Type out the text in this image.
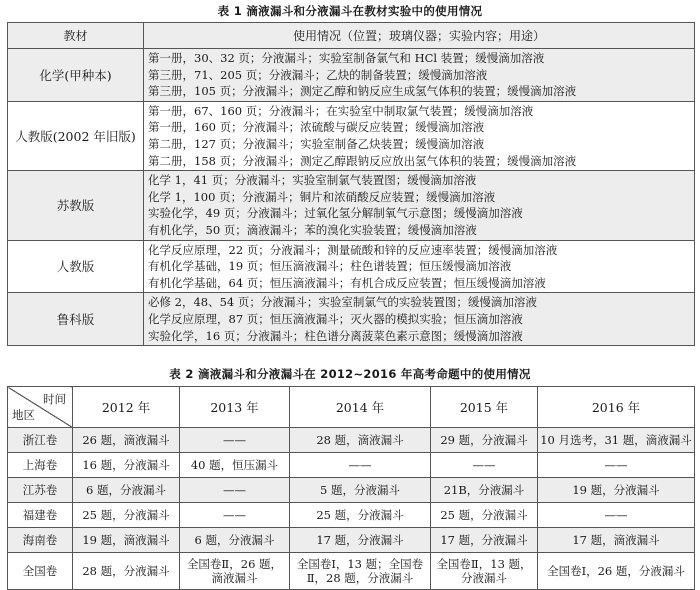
表 1 滴液漏斗和分液漏斗在教材实验中的使用情况
教材	使用情况（位置；玻璃仪器；实验内容；用途）
化学(甲种本)	第一册，30、32 页；分液漏斗；实验室制备氯气和 HCl 装置；缓慢滴加溶液
第三册，71、205 页；分液漏斗；乙炔的制备装置；缓慢滴加溶液
第三册，105 页；分液漏斗；测定乙醇和钠反应生成氢气体积的装置；缓慢滴加溶液

人教版(2002 年旧版)	第一册，67、160 页；分液漏斗；在实验室中制取氯气装置；缓慢滴加溶液
第一册，160 页；分液漏斗；浓硫酸与碳反应装置；缓慢滴加溶液
第二册，127 页；分液漏斗；实验室制备乙炔装置；缓慢滴加溶液
第二册，158 页；分液漏斗；测定乙醇跟钠反应放出氢气体积的装置；缓慢滴加溶液

苏教版	化学 1，41 页；分液漏斗；实验室制氯气装置图；缓慢滴加溶液
化学 1，100 页；分液漏斗；铜片和浓硝酸反应装置；缓慢滴加溶液
实验化学，49 页；分液漏斗；过氧化氢分解制氧气示意图；缓慢滴加溶液
有机化学，50 页；滴液漏斗；苯的溴化实验装置；缓慢滴加溶液

人教版	化学反应原理，22 页；分液漏斗；测量硫酸和锌的反应速率装置；缓慢滴加溶液
有机化学基础，19 页；恒压滴液漏斗；柱色谱装置；恒压缓慢滴加溶液
有机化学基础，64 页；恒压滴液漏斗；有机合成反应装置；恒压缓慢滴加溶液

鲁科版	必修 2，48、54 页；分液漏斗；实验室制氯气的实验装置图；缓慢滴加溶液
化学反应原理，87 页；恒压滴液漏斗；灭火器的模拟实验；恒压滴加溶液
实验化学，16 页；分液漏斗；柱色谱分离菠菜色素示意图；缓慢滴加溶液
表 2 滴液漏斗和分液漏斗在 2012~2016 年高考命题中的使用情况
时间
地区	2012 年	2013 年	2014 年	2015 年	2016 年
浙江卷	26 题，滴液漏斗	——	28 题，滴液漏斗	29 题，分液漏斗	10 月选考，31 题，滴液漏斗
上海卷	16 题，分液漏斗	40 题，恒压漏斗	——	——	——
江苏卷	6 题，分液漏斗	——	5 题，分液漏斗	21B，分液漏斗	19 题，分液漏斗
福建卷	25 题，分液漏斗	——	25 题，分液漏斗	25 题，分液漏斗	——
海南卷	19 题，滴液漏斗	6 题，分液漏斗	17 题，分液漏斗	17 题，分液漏斗	17 题，滴液漏斗
全国卷	28 题，分液漏斗	全国卷Ⅱ，26 题，滴液漏斗	全国卷Ⅰ，13 题；全国卷Ⅱ，28 题，分液漏斗	全国卷Ⅱ，13 题，分液漏斗	全国卷Ⅰ，26 题，分液漏斗
